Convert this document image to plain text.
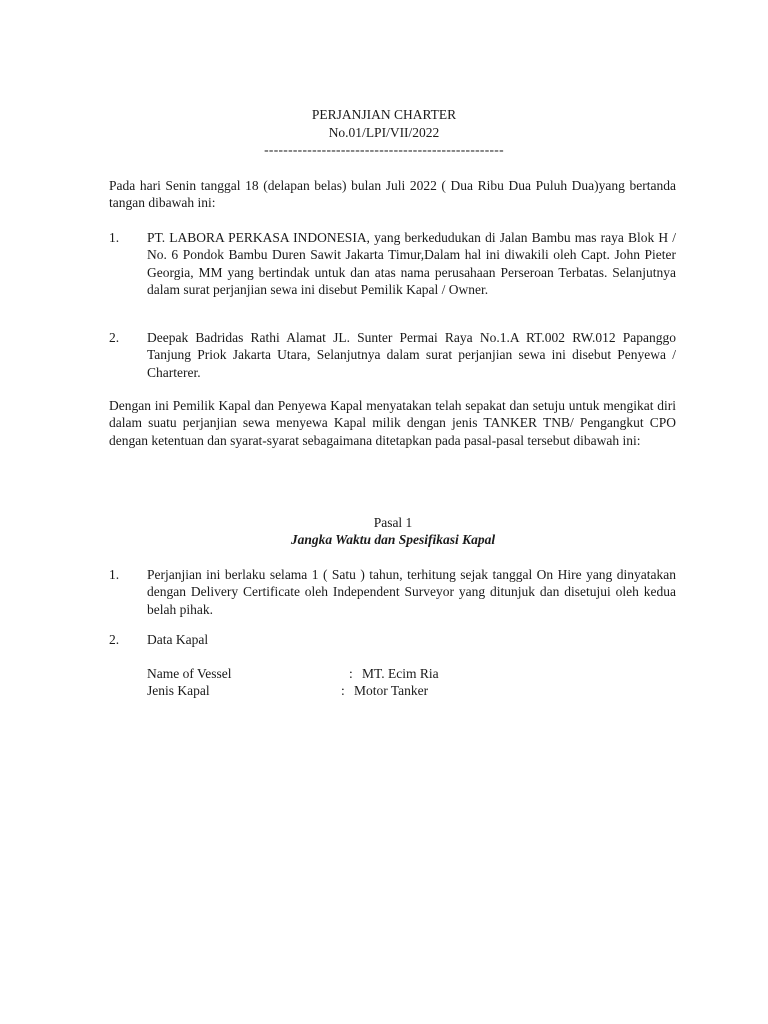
PERJANJIAN CHARTER
No.01/LPI/VII/2022
--------------------------------------------------
Pada hari Senin tanggal 18 (delapan belas) bulan Juli 2022 ( Dua Ribu Dua Puluh Dua)yang bertanda tangan dibawah ini:
1. PT. LABORA PERKASA INDONESIA, yang berkedudukan di Jalan Bambu mas raya Blok H / No. 6 Pondok Bambu Duren Sawit Jakarta Timur,Dalam hal ini diwakili oleh Capt. John Pieter Georgia, MM yang bertindak untuk dan atas nama perusahaan Perseroan Terbatas. Selanjutnya dalam surat perjanjian sewa ini disebut Pemilik Kapal / Owner.
2. Deepak Badridas Rathi Alamat JL. Sunter Permai Raya No.1.A RT.002 RW.012 Papanggo Tanjung Priok Jakarta Utara, Selanjutnya dalam surat perjanjian sewa ini disebut Penyewa / Charterer.
Dengan ini Pemilik Kapal dan Penyewa Kapal menyatakan telah sepakat dan setuju untuk mengikat diri dalam suatu perjanjian sewa menyewa Kapal milik dengan jenis TANKER TNB/ Pengangkut CPO dengan ketentuan dan syarat-syarat sebagaimana ditetapkan pada pasal-pasal tersebut dibawah ini:
Pasal 1
Jangka Waktu dan Spesifikasi Kapal
1. Perjanjian ini berlaku selama 1 ( Satu ) tahun, terhitung sejak tanggal On Hire yang dinyatakan dengan Delivery Certificate oleh Independent Surveyor yang ditunjuk dan disetujui oleh kedua belah pihak.
2. Data Kapal
Name of Vessel	: MT. Ecim Ria
Jenis Kapal	: Motor Tanker
